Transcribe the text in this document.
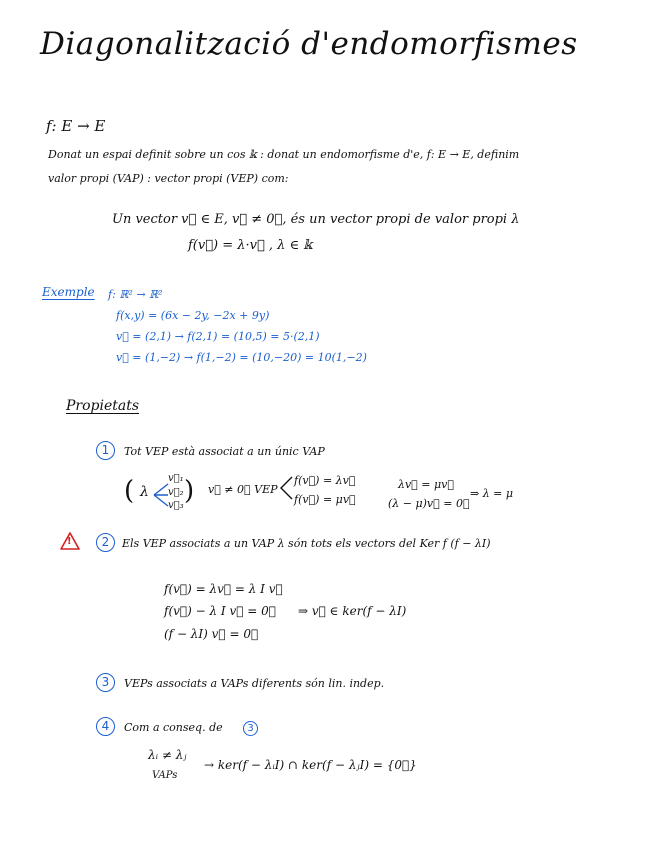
Diagonalització d'endomorfismes
f: E → E
Donat un espai definit sobre un cos 𝕜 : donat un endomorfisme d'e, f: E → E, definim
valor propi (VAP) : vector propi (VEP) com:
Un vector v⃗ ∈ E, v⃗ ≠ 0⃗, és un vector propi de valor propi λ
f(v⃗) = λ·v⃗ , λ ∈ 𝕜
Exemple f: ℝ² → ℝ²
f(x,y) = (6x − 2y, −2x + 9y)
v⃗ = (2,1) → f(2,1) = (10,5) = 5·(2,1)
v⃗ = (1,−2) → f(1,−2) = (10,−20) = 10(1,−2)
Propietats
1	Tot VEP està associat a un únic VAP
( λ
v⃗₁
v⃗₂
v⃗₃ ) v⃗ ≠ 0⃗ VEP
f(v⃗) = λv⃗
f(v⃗) = μv⃗
λv⃗ = μv⃗
(λ − μ)v⃗ = 0⃗
⇒ λ = μ
!	2	Els VEP associats a un VAP λ són tots els vectors del Ker f (f − λI)
f(v⃗) = λv⃗ = λ I v⃗
f(v⃗) − λ I v⃗ = 0⃗
(f − λI) v⃗ = 0⃗
⇒ v⃗ ∈ ker(f − λI)
3	VEPs associats a VAPs diferents són lin. indep.
4	Com a conseq. de	3
λᵢ ≠ λⱼ
VAPs
→ ker(f − λᵢI) ∩ ker(f − λⱼI) = {0⃗}
